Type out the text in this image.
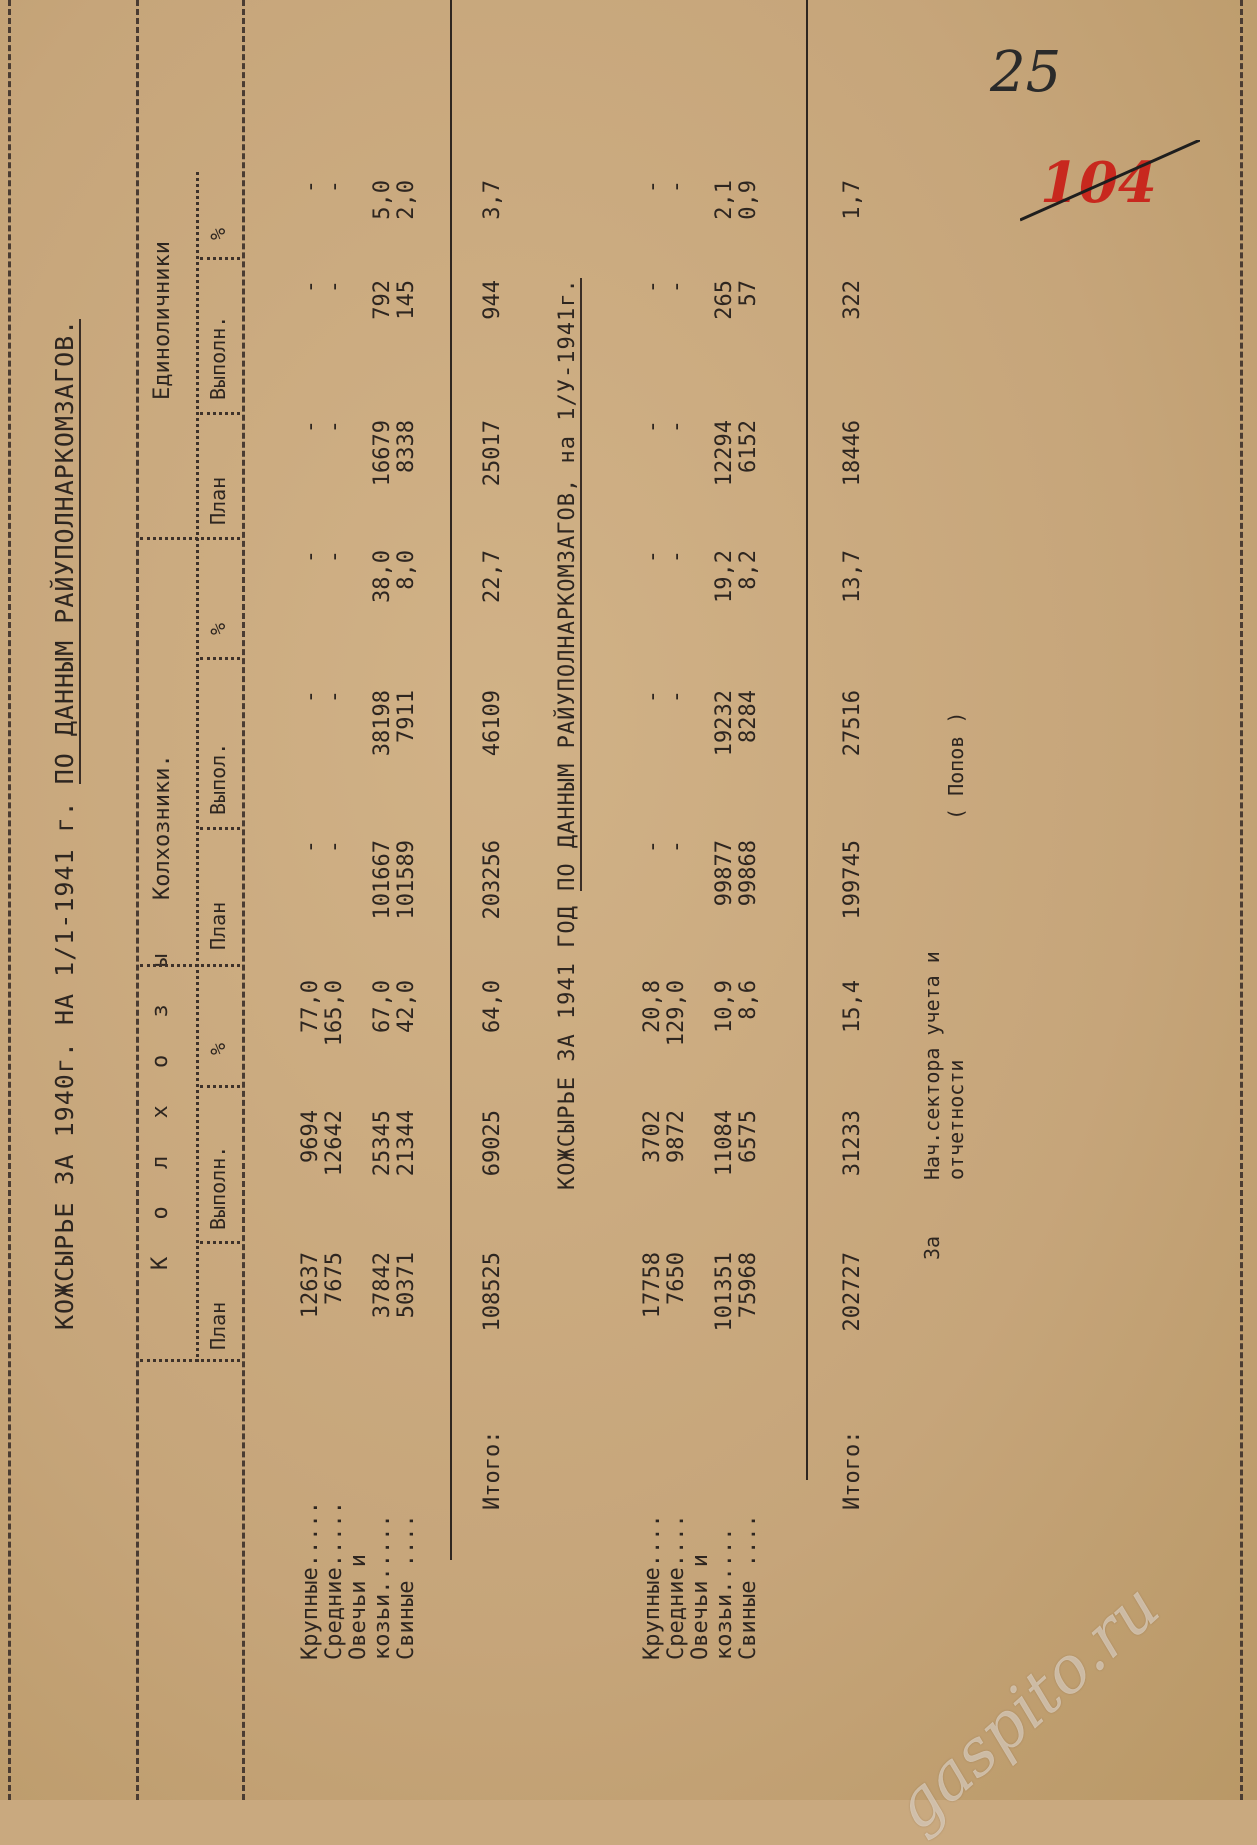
КОЖСЫРЬЕ ЗА 1940г. НА 1/1-1941 г. ПО ДАННЫМ РАЙУПОЛНАРКОМЗАГОВ.
К о л х о з ы
Колхозники.
Единоличники
План
Выполн.
%
План
Выпол.
%
План
Выполн.
%
Крупные.....
12637
9694
77,0
-
-
-
-
-
-
Средние.....
7675
12642
165,0
-
-
-
-
-
-
Овечьи и козьи......
37842
25345
67,0
101667
38198
38,0
16679
792
5,0
Свиные ....
50371
21344
42,0
101589
7911
8,0
8338
145
2,0
Итого:
108525
69025
64,0
203256
46109
22,7
25017
944
3,7
КОЖСЫРЬЕ ЗА 1941 ГОД ПО ДАННЫМ РАЙУПОЛНАРКОМЗАГОВ, на 1/У-1941г.
Крупные....
17758
3702
20,8
-
-
-
-
-
-
Средние....
7650
9872
129,0
-
-
-
-
-
-
Овечьи и козьи.....
101351
11084
10,9
99877
19232
19,2
12294
265
2,1
Свиные ....
75968
6575
8,6
99868
8284
8,2
6152
57
0,9
Итого:
202727
31233
15,4
199745
27516
13,7
18446
322
1,7
За
Нач.сектора учета и отчетности
( Попов )
25
104
gaspito.ru
